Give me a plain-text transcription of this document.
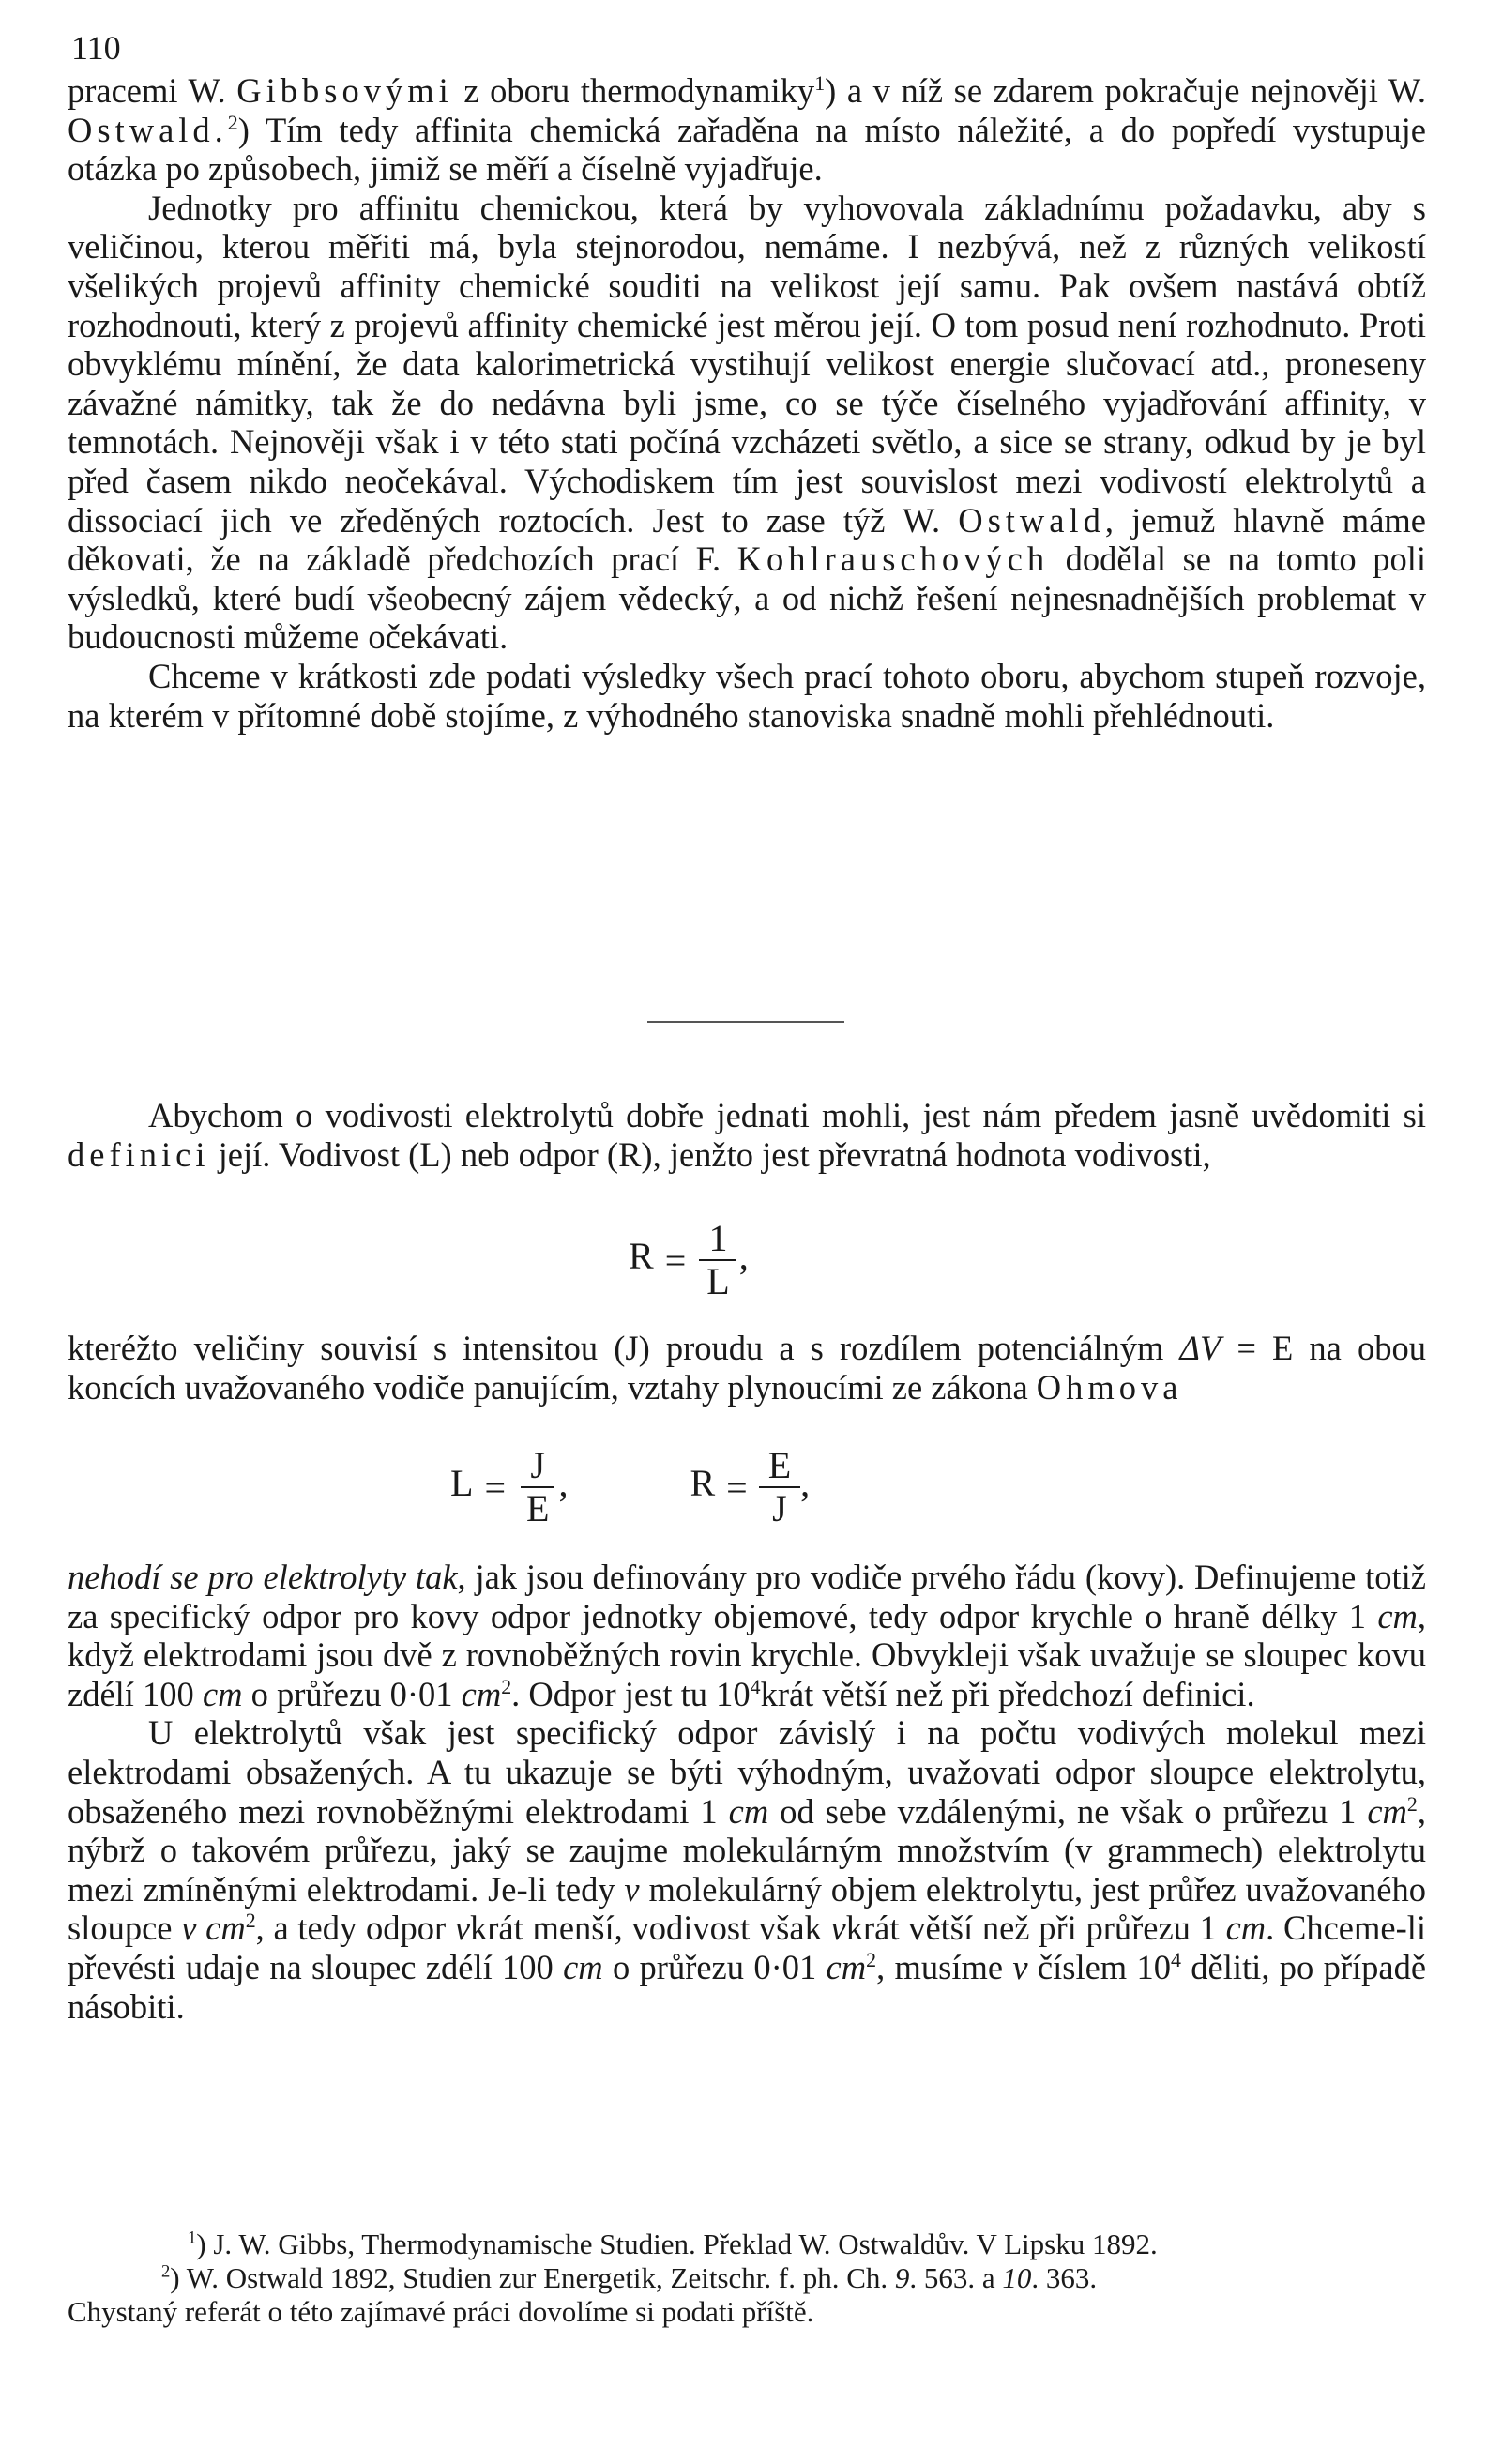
110

pracemi W. Gibbsovými z oboru thermodynamiky$^1$) a v níž se zdarem pokračuje nejnověji W. Ostwald.$^2$) Tím tedy affinita chemická zařaděna na místo náležité, a do popředí vystupuje otázka po způsobech, jimiž se měří a číselně vyjadřuje.

Jednotky pro affinitu chemickou, která by vyhovovala základnímu požadavku, aby s veličinou, kterou měřiti má, byla stejnorodou, nemáme. I nezbývá, než z různých velikostí všelikých projevů affinity chemické souditi na velikost její samu. Pak ovšem nastává obtíž rozhodnouti, který z projevů affinity chemické jest měrou její. O tom posud není rozhodnuto. Proti obvyklému mínění, že data kalorimetrická vystihují velikost energie slučovací atd., proneseny závažné námitky, tak že do nedávna byli jsme, co se týče číselného vyjadřování affinity, v temnotách. Nejnověji však i v této stati počíná vzcházeti světlo, a sice se strany, odkud by je byl před časem nikdo neočekával. Východiskem tím jest souvislost mezi vodivostí elektrolytů a dissociací jich ve zředěných roztocích. Jest to zase týž W. Ostwald, jemuž hlavně máme děkovati, že na základě předchozích prací F. Kohlrauschových dodělal se na tomto poli výsledků, které budí všeobecný zájem vědecký, a od nichž řešení nejnesnadnějších problemat v budoucnosti můžeme očekávati.

Chceme v krátkosti zde podati výsledky všech prací tohoto oboru, abychom stupeň rozvoje, na kterém v přítomné době stojíme, z výhodného stanoviska snadně mohli přehlédnouti.

Abychom o vodivosti elektrolytů dobře jednati mohli, jest nám předem jasně uvědomiti si definici její. Vodivost (L) neb odpor (R), jenžto jest převratná hodnota vodivosti,

$R = \frac{1}{L}$ ,

kteréžto veličiny souvisí s intensitou (J) proudu a s rozdílem potenciálným ΔV = E na obou koncích uvažovaného vodiče panujícím, vztahy plynoucími ze zákona Ohmova

$L = \frac{J}{E}$ ,	$R = \frac{E}{J}$ ,

nehodí se pro elektrolyty tak, jak jsou definovány pro vodiče prvého řádu (kovy). Definujeme totiž za specifický odpor pro kovy odpor jednotky objemové, tedy odpor krychle o hraně délky 1 cm, když elektrodami jsou dvě z rovnoběžných rovin krychle. Obvykleji však uvažuje se sloupec kovu zdélí 100 cm o průřezu 0·01 $cm^2$. Odpor jest tu $10^4krát$ větší než při předchozí definici.

U elektrolytů však jest specifický odpor závislý i na počtu vodivých molekul mezi elektrodami obsažených. A tu ukazuje se býti výhodným, uvažovati odpor sloupce elektrolytu, obsaženého mezi rovnoběžnými elektrodami 1 cm od sebe vzdálenými, ne však o průřezu 1 $cm^2$, nýbrž o takovém průřezu, jaký se zaujme molekulárným množstvím (v grammech) elektrolytu mezi zmíněnými elektrodami. Je-li tedy v molekulárný objem elektrolytu, jest průřez uvažovaného sloupce v $cm^2$, a tedy odpor vkrát menší, vodivost však vkrát větší než při průřezu 1 cm. Chceme-li převésti udaje na sloupec zdélí 100 cm o průřezu 0·01 $cm^2$, musíme v číslem $10^4$ děliti, po případě násobiti.

$^1$) J. W. Gibbs, Thermodynamische Studien. Překlad W. Ostwaldův. V Lipsku 1892.

$^2$) W. Ostwald 1892, Studien zur Energetik, Zeitschr. f. ph. Ch. 9. 563. a 10. 363.

Chystaný referát o této zajímavé práci dovolíme si podati příště.
